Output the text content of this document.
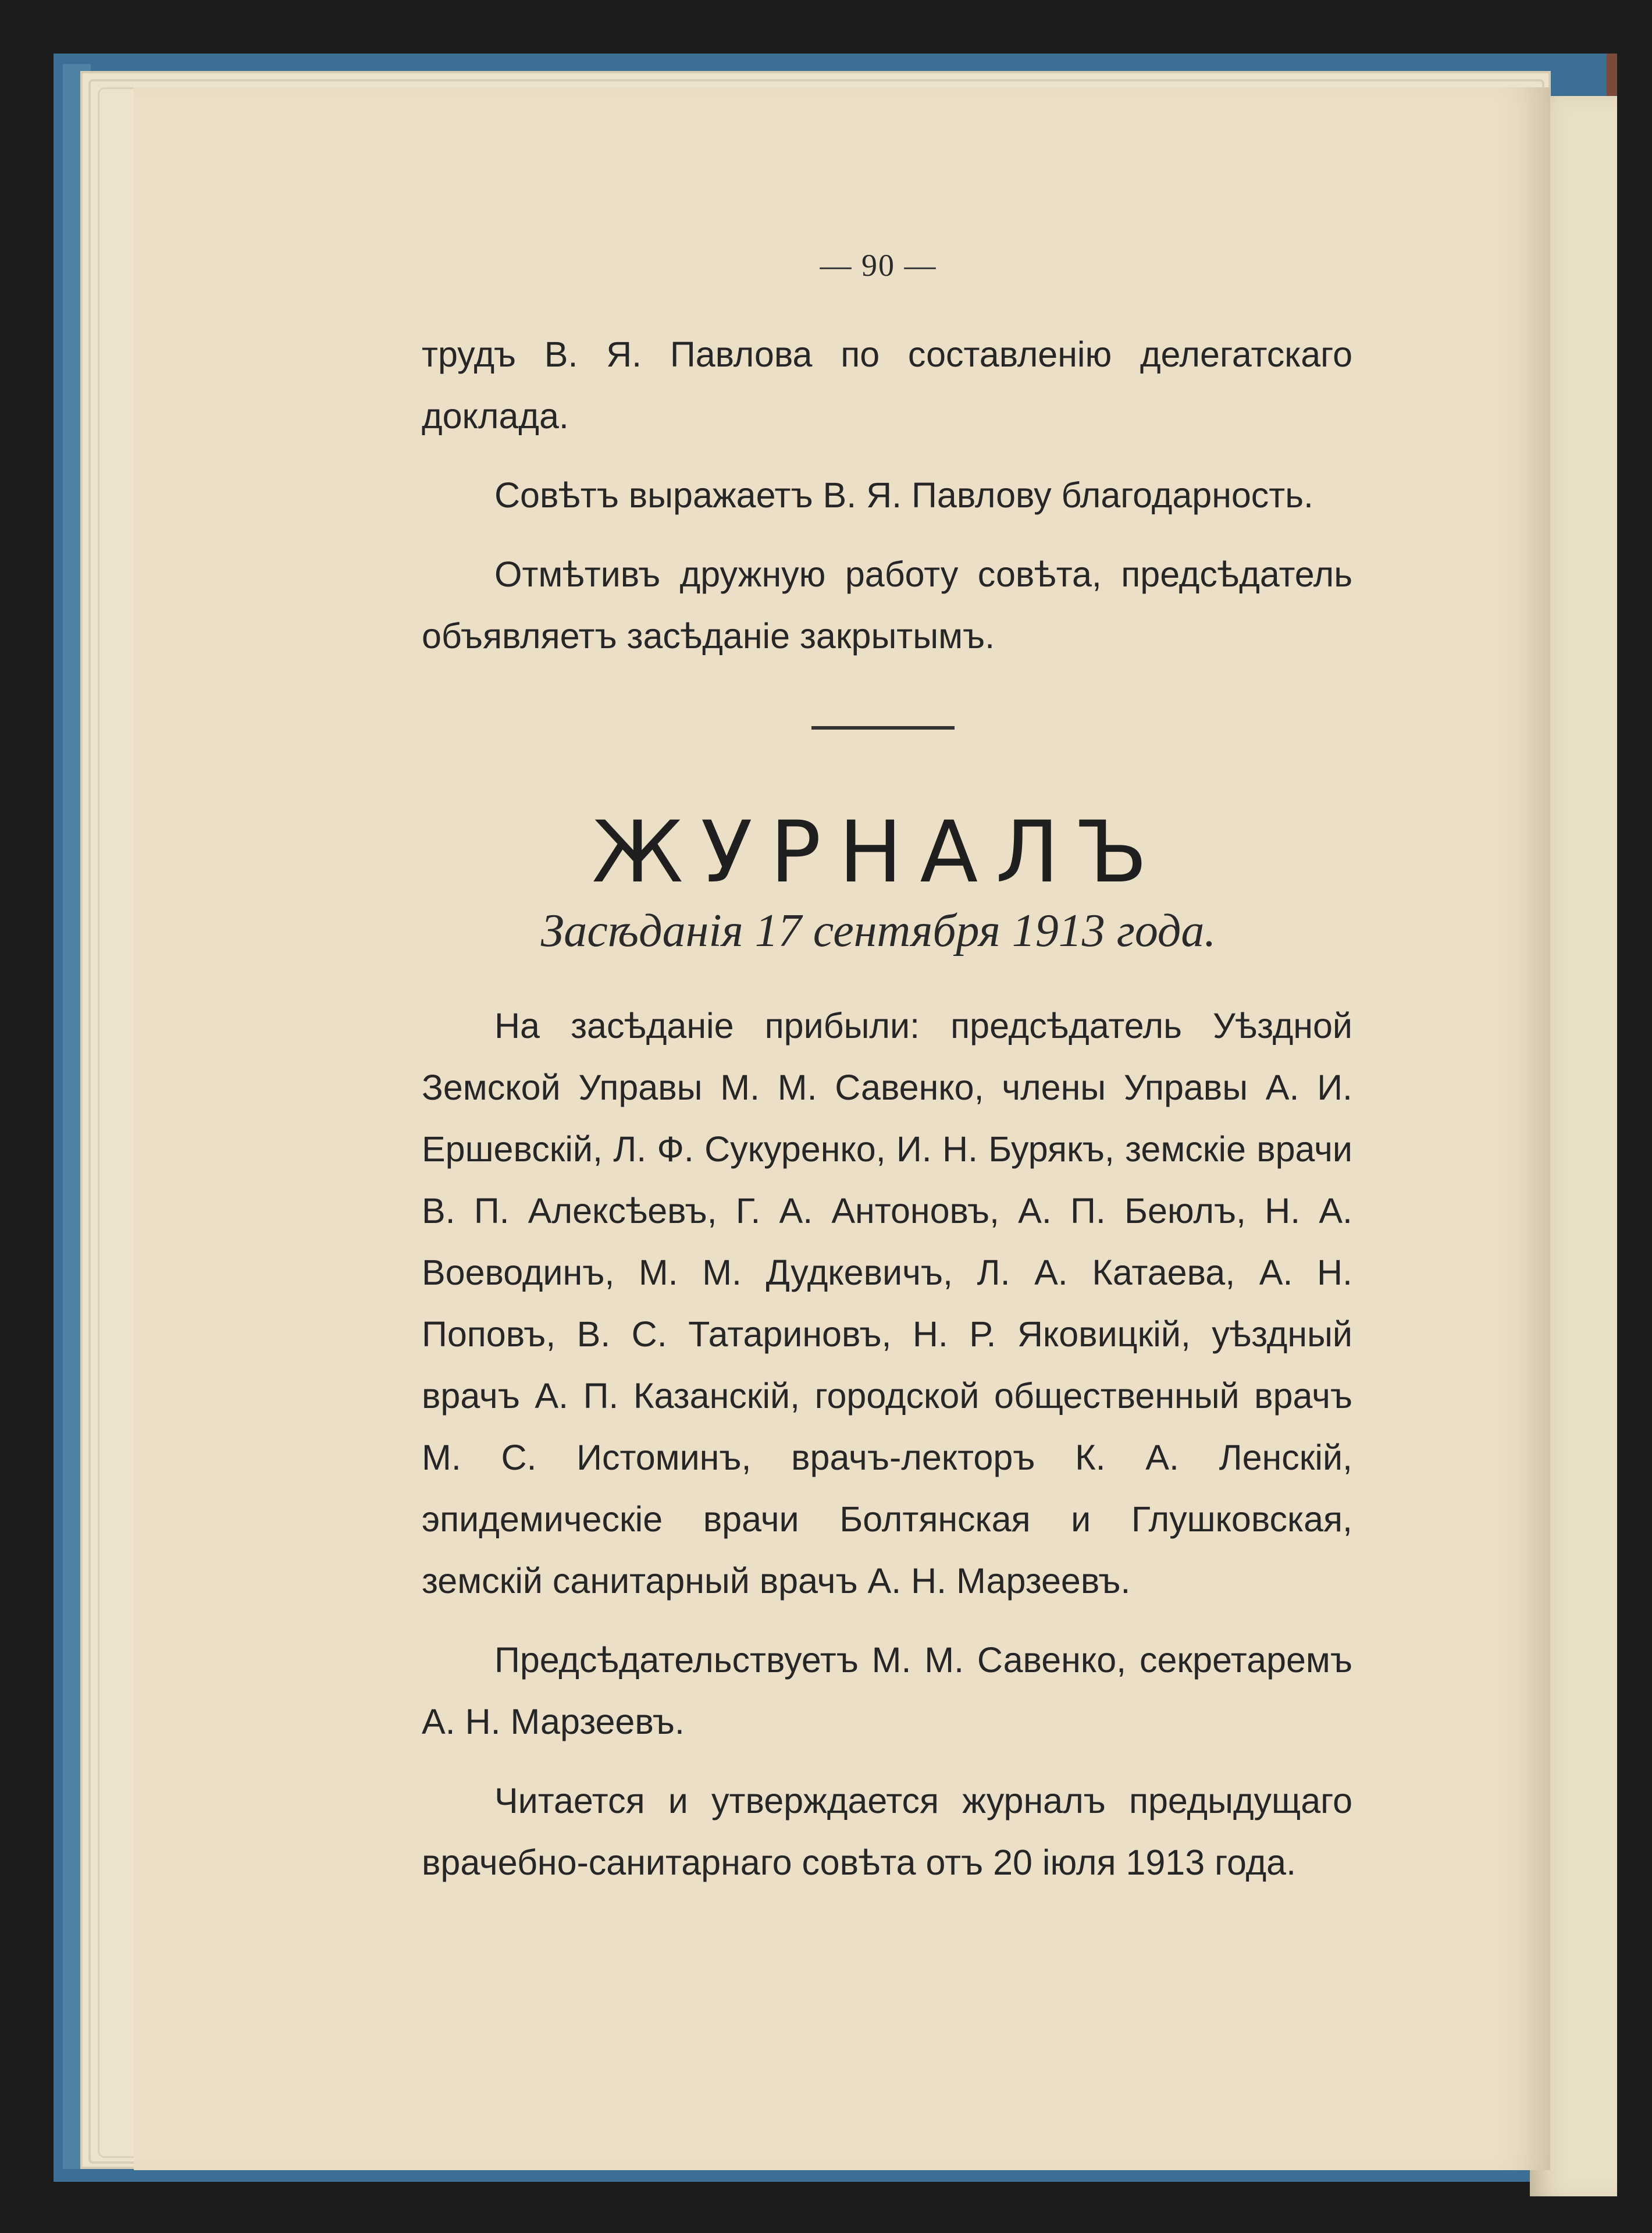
— 90 —

трудъ В. Я. Павлова по составленію делегатскаго доклада.

Совѣтъ выражаетъ В. Я. Павлову благодарность.

Отмѣтивъ дружную работу совѣта, предсѣдатель объявляетъ засѣданіе закрытымъ.

ЖУРНАЛЪ
Засѣданія 17 сентября 1913 года.

На засѣданіе прибыли: предсѣдатель Уѣздной Земской Управы М. М. Савенко, члены Управы А. И. Ершевскій, Л. Ф. Сукуренко, И. Н. Бурякъ, земскіе врачи В. П. Алексѣевъ, Г. А. Антоновъ, А. П. Беюлъ, Н. А. Воеводинъ, М. М. Дудкевичъ, Л. А. Катаева, А. Н. Поповъ, В. С. Татариновъ, Н. Р. Яковицкій, уѣздный врачъ А. П. Казанскій, городской общественный врачъ М. С. Истоминъ, врачъ-лекторъ К. А. Ленскій, эпидемическіе врачи Болтянская и Глушковская, земскій санитарный врачъ А. Н. Марзеевъ.

Предсѣдательствуетъ М. М. Савенко, секретаремъ А. Н. Марзеевъ.

Читается и утверждается журналъ предыдущаго врачебно-санитарнаго совѣта отъ 20 іюля 1913 года.
